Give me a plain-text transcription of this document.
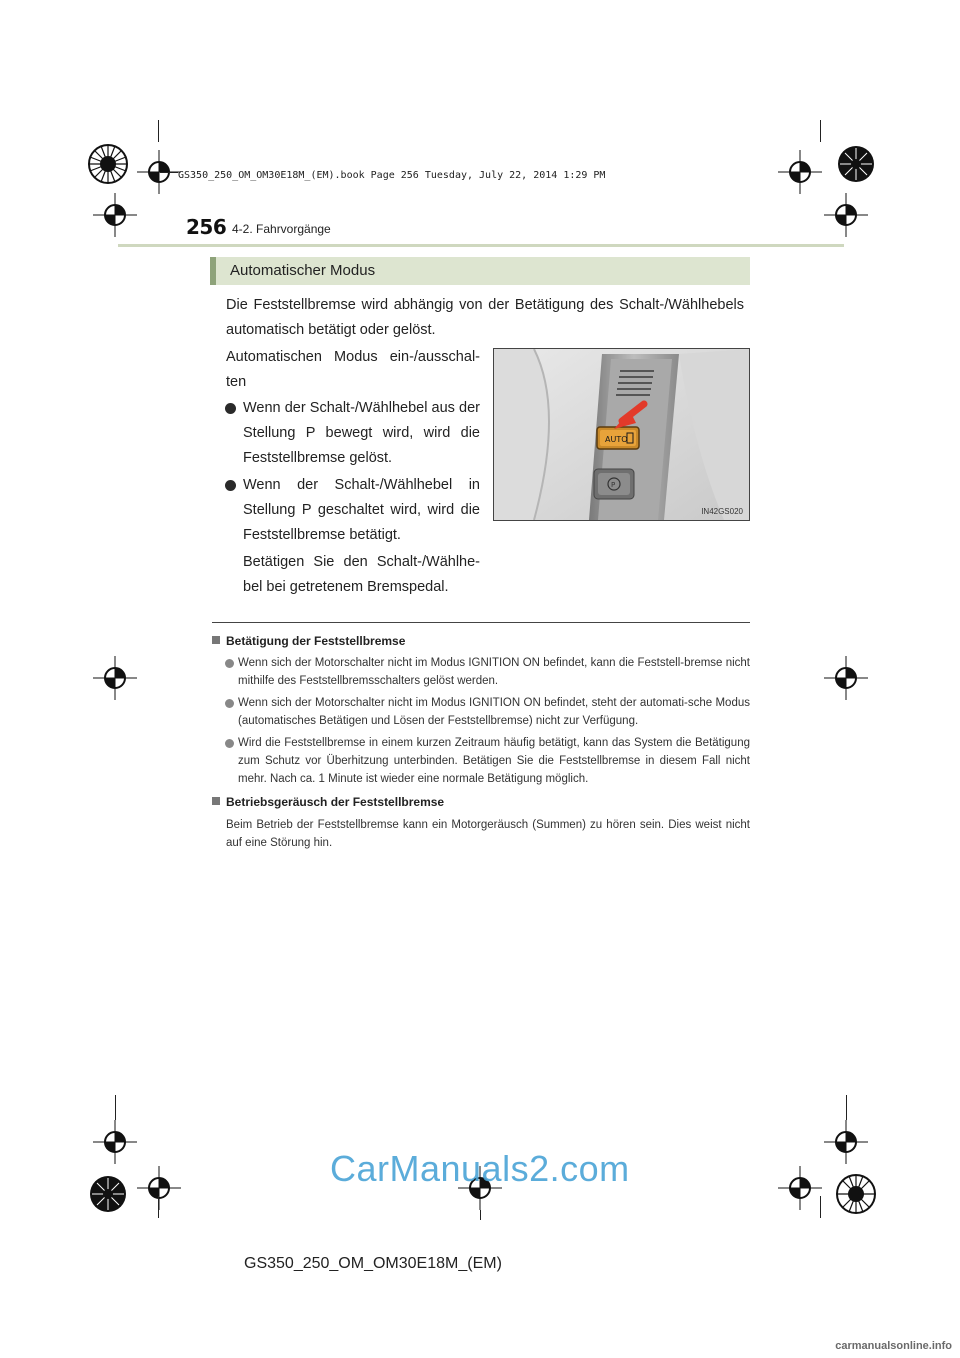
GS350_250_OM_OM30E18M_(EM).book Page 256 Tuesday, July 22, 2014 1:29 PM
256 4-2. Fahrvorgänge
Automatischer Modus
Die Feststellbremse wird abhängig von der Betätigung des Schalt-/Wählhebels automatisch betätigt oder gelöst.
Automatischen Modus ein-/ausschal-ten
Wenn der Schalt-/Wählhebel aus der Stellung P bewegt wird, wird die Feststellbremse gelöst.
Wenn der Schalt-/Wählhebel in Stellung P geschaltet wird, wird die Feststellbremse betätigt.
Betätigen Sie den Schalt-/Wählhe-bel bei getretenem Bremspedal.
AUTO
P
IN42GS020
Betätigung der Feststellbremse
Wenn sich der Motorschalter nicht im Modus IGNITION ON befindet, kann die Feststell-bremse nicht mithilfe des Feststellbremsschalters gelöst werden.
Wenn sich der Motorschalter nicht im Modus IGNITION ON befindet, steht der automati-sche Modus (automatisches Betätigen und Lösen der Feststellbremse) nicht zur Verfügung.
Wird die Feststellbremse in einem kurzen Zeitraum häufig betätigt, kann das System die Betätigung zum Schutz vor Überhitzung unterbinden. Betätigen Sie die Feststellbremse in diesem Fall nicht mehr. Nach ca. 1 Minute ist wieder eine normale Betätigung möglich.
Betriebsgeräusch der Feststellbremse
Beim Betrieb der Feststellbremse kann ein Motorgeräusch (Summen) zu hören sein. Dies weist nicht auf eine Störung hin.
CarManuals2.com
GS350_250_OM_OM30E18M_(EM)
carmanualsonline.info
